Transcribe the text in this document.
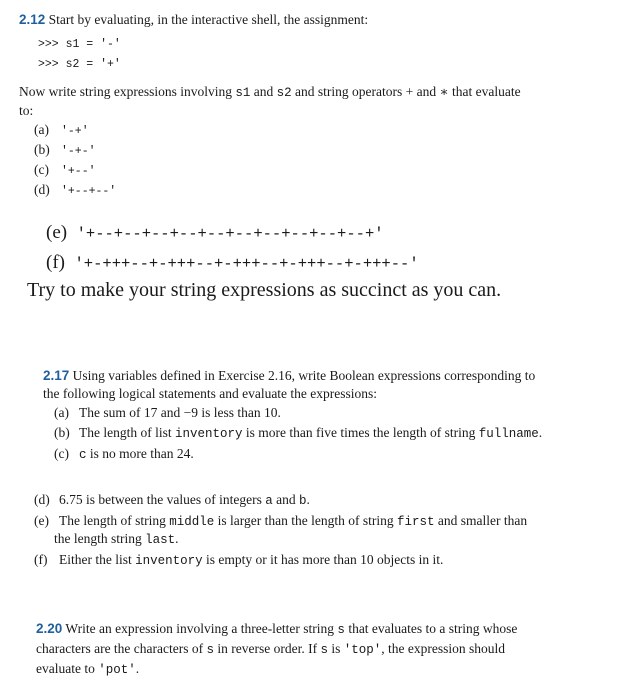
2.12 Start by evaluating, in the interactive shell, the assignment:
>>> s1 = '-'
>>> s2 = '+'
Now write string expressions involving s1 and s2 and string operators + and ∗ that evaluate
to:
(a) '-+'
(b) '-+-'
(c) '+--'
(d) '+--+--'
(e) '+--+--+--+--+--+--+--+--+--+--+'
(f) '+-+++--+-+++--+-+++--+-+++--+-+++--'
Try to make your string expressions as succinct as you can.
2.17 Using variables defined in Exercise 2.16, write Boolean expressions corresponding to
the following logical statements and evaluate the expressions:
(a) The sum of 17 and −9 is less than 10.
(b) The length of list inventory is more than five times the length of string fullname.
(c) c is no more than 24.
(d) 6.75 is between the values of integers a and b.
(e) The length of string middle is larger than the length of string first and smaller than
the length string last.
(f) Either the list inventory is empty or it has more than 10 objects in it.
2.20 Write an expression involving a three-letter string s that evaluates to a string whose
characters are the characters of s in reverse order. If s is 'top', the expression should
evaluate to 'pot'.
